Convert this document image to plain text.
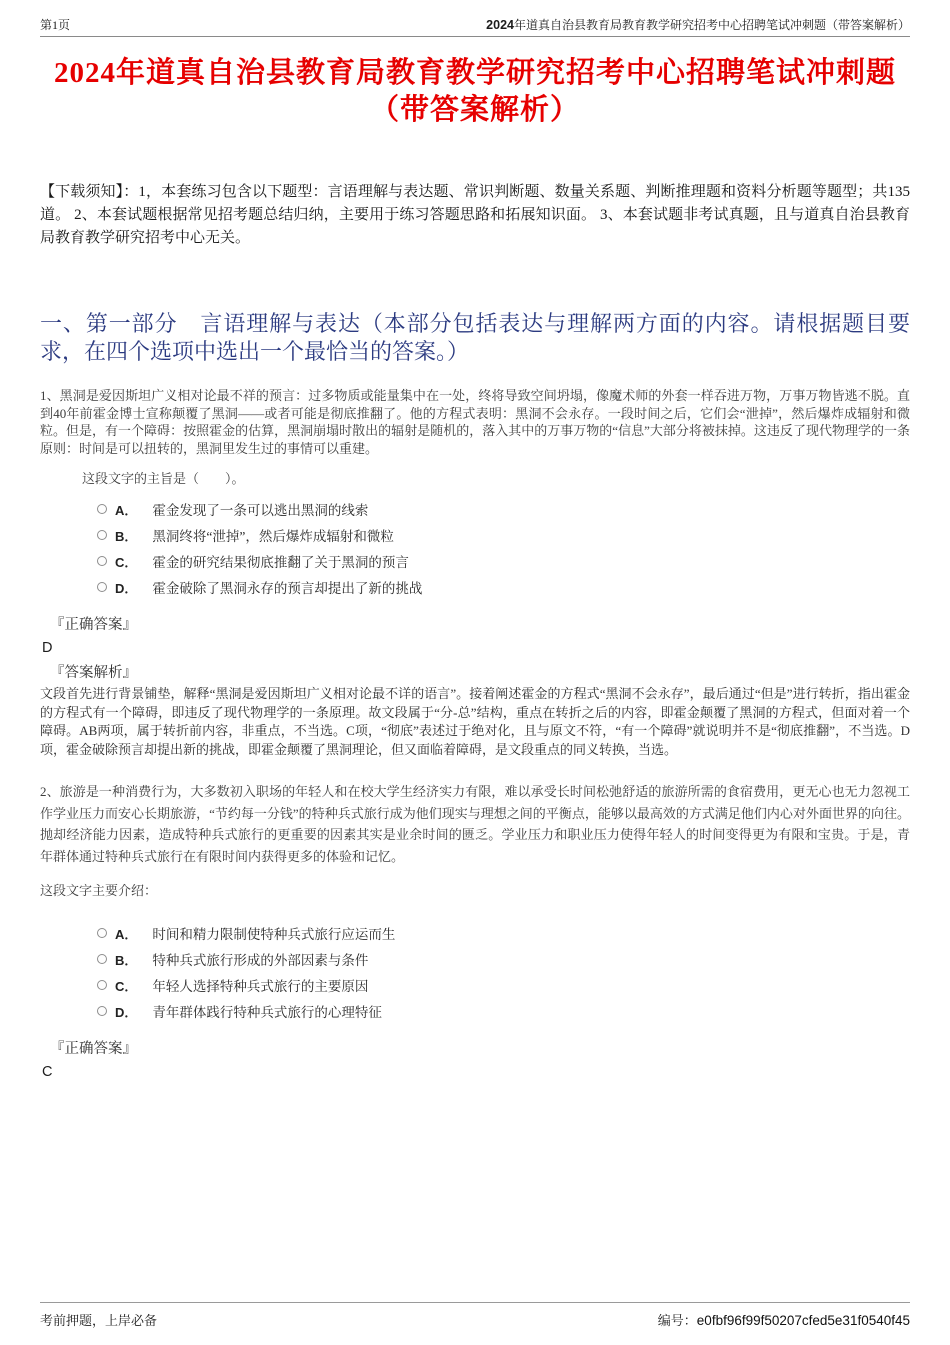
第1页	2024年道真自治县教育局教育教学研究招考中心招聘笔试冲刺题（带答案解析）
2024年道真自治县教育局教育教学研究招考中心招聘笔试冲刺题（带答案解析）

【下载须知】：1，本套练习包含以下题型：言语理解与表达题、常识判断题、数量关系题、判断推理题和资料分析题等题型；共135道。 2、本套试题根据常见招考题总结归纳，主要用于练习答题思路和拓展知识面。 3、本套试题非考试真题，且与道真自治县教育局教育教学研究招考中心无关。

一、第一部分　言语理解与表达（本部分包括表达与理解两方面的内容。请根据题目要求，在四个选项中选出一个最恰当的答案。）

1、黑洞是爱因斯坦广义相对论最不祥的预言：过多物质或能量集中在一处，终将导致空间坍塌，像魔术师的外套一样吞进万物，万事万物皆逃不脱。直到40年前霍金博士宣称颠覆了黑洞——或者可能是彻底推翻了。他的方程式表明：黑洞不会永存。一段时间之后，它们会“泄掉”，然后爆炸成辐射和微粒。但是，有一个障碍：按照霍金的估算，黑洞崩塌时散出的辐射是随机的，落入其中的万事万物的“信息”大部分将被抹掉。这违反了现代物理学的一条原则：时间是可以扭转的，黑洞里发生过的事情可以重建。

这段文字的主旨是（　　）。

A． 霍金发现了一条可以逃出黑洞的线索
B． 黑洞终将“泄掉”，然后爆炸成辐射和微粒
C． 霍金的研究结果彻底推翻了关于黑洞的预言
D． 霍金破除了黑洞永存的预言却提出了新的挑战

『正确答案』

D

『答案解析』

文段首先进行背景铺垫，解释“黑洞是爱因斯坦广义相对论最不详的语言”。接着阐述霍金的方程式“黑洞不会永存”，最后通过“但是”进行转折，指出霍金的方程式有一个障碍，即违反了现代物理学的一条原理。故文段属于“分-总”结构，重点在转折之后的内容，即霍金颠覆了黑洞的方程式，但面对着一个障碍。AB两项，属于转折前内容，非重点，不当选。C项，“彻底”表述过于绝对化，且与原文不符，“有一个障碍”就说明并不是“彻底推翻”，不当选。D项，霍金破除预言却提出新的挑战，即霍金颠覆了黑洞理论，但又面临着障碍，是文段重点的同义转换，当选。

2、旅游是一种消费行为，大多数初入职场的年轻人和在校大学生经济实力有限，难以承受长时间松弛舒适的旅游所需的食宿费用，更无心也无力忽视工作学业压力而安心长期旅游，“节约每一分钱”的特种兵式旅行成为他们现实与理想之间的平衡点，能够以最高效的方式满足他们内心对外面世界的向往。抛却经济能力因素，造成特种兵式旅行的更重要的因素其实是业余时间的匮乏。学业压力和职业压力使得年轻人的时间变得更为有限和宝贵。于是，青年群体通过特种兵式旅行在有限时间内获得更多的体验和记忆。

这段文字主要介绍：

A． 时间和精力限制使特种兵式旅行应运而生
B． 特种兵式旅行形成的外部因素与条件
C． 年轻人选择特种兵式旅行的主要原因
D． 青年群体践行特种兵式旅行的心理特征

『正确答案』

C

考前押题，上岸必备	编号：e0fbf96f99f50207cfed5e31f0540f45
